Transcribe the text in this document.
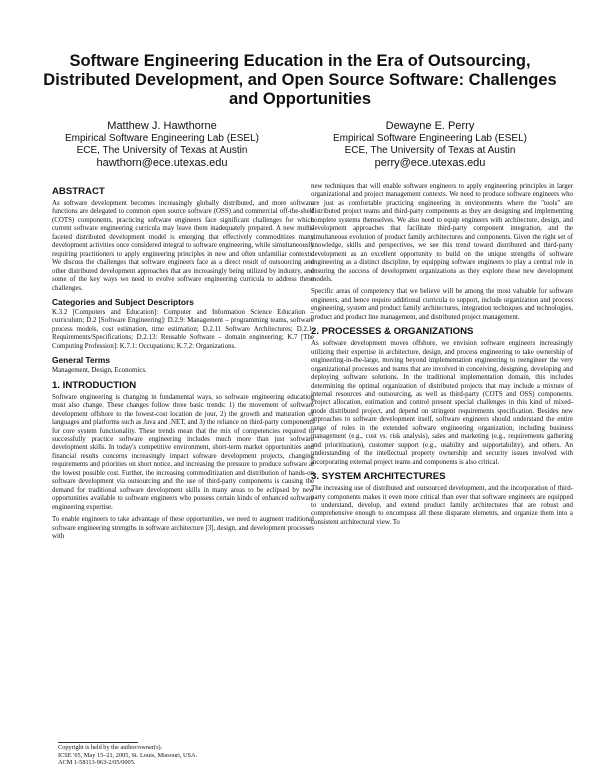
Software Engineering Education in the Era of Outsourcing, Distributed Development, and Open Source Software: Challenges and Opportunities
Matthew J. Hawthorne
Empirical Software Engineering Lab (ESEL)
ECE, The University of Texas at Austin
hawthorn@ece.utexas.edu
Dewayne E. Perry
Empirical Software Engineering Lab (ESEL)
ECE, The University of Texas at Austin
perry@ece.utexas.edu
ABSTRACT

As software development becomes increasingly globally distributed, and more software functions are delegated to common open source software (OSS) and commercial off-the-shelf (COTS) components, practicing software engineers face significant challenges for which current software engineering curricula may leave them inadequately prepared. A new multi-faceted distributed development model is emerging that effectively commoditizes many development activities once considered integral to software engineering, while simultaneously requiring practitioners to apply engineering principles in new and often unfamiliar contexts. We discuss the challenges that software engineers face as a direct result of outsourcing and other distributed development approaches that are increasingly being utilized by industry, and some of the key ways we need to evolve software engineering curricula to address these challenges.

Categories and Subject Descriptors

K.3.2 [Computers and Education]: Computer and Information Science Education – curriculum; D.2 [Software Engineering]: D.2.9: Management – programming teams, software process models, cost estimation, time estimation; D.2.11 Software Architectures; D.2.1: Requirements/Specifications; D.2.13: Reusable Software – domain engineering; K.7 [The Computing Profession]: K.7.1: Occupations; K.7.2: Organizations.

General Terms

Management, Design, Economics.

1. INTRODUCTION

Software engineering is changing in fundamental ways, so software engineering education must also change. These changes follow three basic trends: 1) the movement of software development offshore to the lowest-cost location de jour, 2) the growth and maturation of languages and platforms such as Java and .NET, and 3) the reliance on third-party components for core system functionality. These trends mean that the mix of competencies required to successfully practice software engineering includes much more than just software development skills. In today's competitive environment, short-term market opportunities and financial results concerns increasingly impact software development projects, changing requirements and priorities on short notice, and increasing the pressure to produce software at the lowest possible cost. Further, the increasing commoditization and distribution of hands-on software development via outsourcing and the use of third-party components is causing the demand for traditional software development skills in many areas to be eclipsed by new opportunities available to software engineers who possess certain kinds of enhanced software engineering expertise.

To enable engineers to take advantage of these opportunities, we need to augment traditional software engineering strengths in software architecture [3], design, and development processes with

new techniques that will enable software engineers to apply engineering principles in larger organizational and project management contexts. We need to produce software engineers who are just as comfortable practicing engineering in environments where the "tools" are distributed project teams and third-party components as they are designing and implementing complete systems themselves. We also need to equip engineers with architecture, design, and development approaches that facilitate third-party component integration, and the simultaneous evolution of product family architectures and components. Given the right set of knowledge, skills and perspectives, we see this trend toward distributed and third-party development as an excellent opportunity to build on the unique strengths of software engineering as a distinct discipline, by equipping software engineers to play a central role in ensuring the success of development organizations as they explore these new development models.

Specific areas of competency that we believe will be among the most valuable for software engineers, and hence require additional curricula to support, include organization and process engineering, system and product family architectures, integration techniques and technologies, product and product line management, and distributed project management.

2. PROCESSES & ORGANIZATIONS

As software development moves offshore, we envision software engineers increasingly utilizing their expertise in architecture, design, and process engineering to take ownership of engineering-in-the-large, moving beyond implementation engineering to reengineer the very organizational processes and teams that are involved in conceiving, designing, developing and deploying software solutions. In the traditional implementation domain, this includes determining the optimal organization of distributed projects that may include a mixture of internal resources and outsourcing, as well as third-party (COTS and OSS) components. Project allocation, estimation and control present special challenges in this kind of mixed-mode distributed project, and depend on stringent requirements specification. Besides new approaches to software development itself, software engineers should understand the entire range of roles in the extended software engineering organization, including business management (e.g., cost vs. risk analysis), sales and marketing (e.g., requirements gathering and prioritization), customer support (e.g., usability and supportability), and others. An understanding of the intellectual property ownership and security issues involved with incorporating external project teams and components is also critical.

3. SYSTEM ARCHITECTURES

The increasing use of distributed and outsourced development, and the incorporation of third-party components makes it even more critical than ever that software engineers are equipped to understand, develop, and extend product family architectures that are robust and comprehensive enough to encompass all these disparate elements, and organize them into a consistent architectural view. To

Copyright is held by the author/owner(s).
ICSE '05, May 15–21, 2005, St. Louis, Missouri, USA.
ACM 1-58113-963-2/05/0005.
